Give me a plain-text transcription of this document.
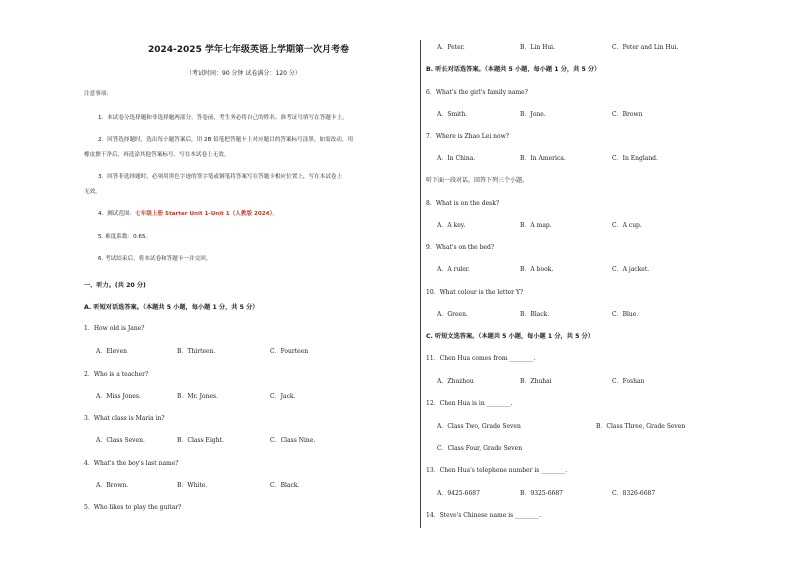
2024-2025 学年七年级英语上学期第一次月考卷
（考试时间：90 分钟 试卷满分：120 分）
注意事项：
1．本试卷分选择题和非选择题两部分。答卷前，考生务必将自己的姓名、准考证号填写在答题卡上。
2．回答选择题时，选出每小题答案后，用 2B 铅笔把答题卡上对应题目的答案标号涂黑。如需改动，用
橡皮擦干净后，再选涂其他答案标号。写在本试卷上无效。
3．回答非选择题时，必须用黑色字迹的签字笔或钢笔将答案写在答题卡相应位置上，写在本试卷上
无效。
4．测试范围：七年级上册 Starter Unit 1-Unit 1（人教版 2024）。
5. 难度系数：0.65。
6. 考试结束后，将本试卷和答题卡一并交回。
一、听力。(共 20 分)
A. 听短对话选答案。（本题共 5 小题，每小题 1 分，共 5 分）
1．How old is Jane?
A．Eleven	B．Thirteen.	C．Fourteen
2．Who is a teacher?
A．Miss Jones.	B．Mr. Jones.	C．Jack.
3．What class is Maria in?
A．Class Seven.	B．Class Eight.	C．Class Nine.
4．What's the boy's last name?
A．Brown.	B．White.	C．Black.
5．Who likes to play the guitar?
A．Peter.	B．Lin Hui.	C．Peter and Lin Hui.
B. 听长对话选答案。（本题共 5 小题，每小题 1 分，共 5 分）
6．What's the girl's family name?
A．Smith.	B．Jone.	C．Brown
7．Where is Zhao Lei now?
A．In China.	B．In America.	C．In England.
听下面一段对话，回答下列三个小题。
8．What is on the desk?
A．A key.	B．A map.	C．A cup.
9．What's on the bed?
A．A ruler.	B．A book.	C．A jacket.
10．What colour is the letter Y?
A．Green.	B．Black.	C．Blue.
C. 听短文选答案。（本题共 5 小题，每小题 1 分，共 5 分）
11．Chen Hua comes from ________.
A．Zhuzhou	B．Zhuhai	C．Foshan
12．Chen Hua is in ________.
A．Class Two, Grade Seven	B．Class Three, Grade Seven
C．Class Four, Grade Seven
13．Chen Hua's telephone number is ________.
A．9425-6687	B．9325-6687	C．8326-6687
14．Steve's Chinese name is ________.
